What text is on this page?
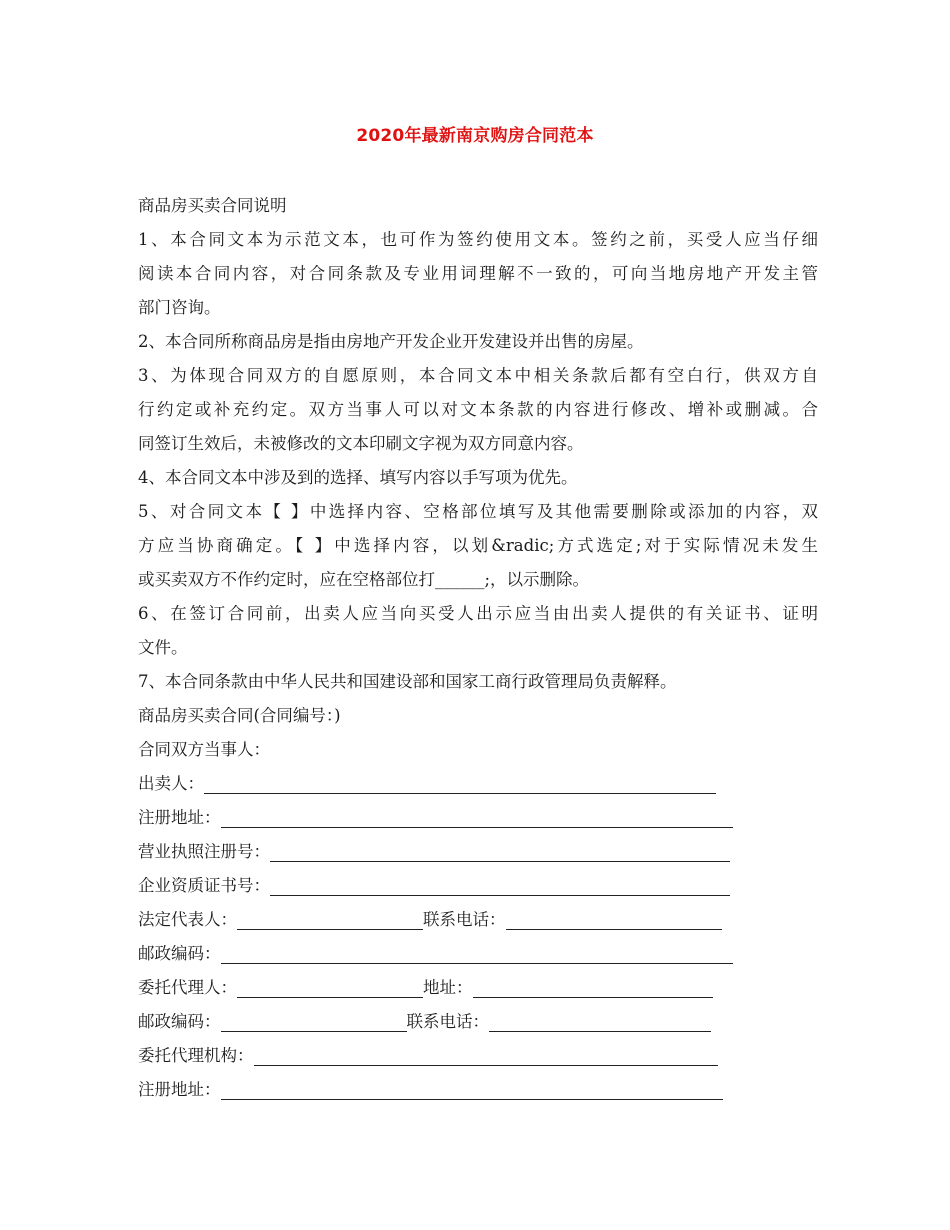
2020年最新南京购房合同范本
商品房买卖合同说明
1、本合同文本为示范文本，也可作为签约使用文本。签约之前，买受人应当仔细
阅读本合同内容，对合同条款及专业用词理解不一致的，可向当地房地产开发主管
部门咨询。
2、本合同所称商品房是指由房地产开发企业开发建设并出售的房屋。
3、为体现合同双方的自愿原则，本合同文本中相关条款后都有空白行，供双方自
行约定或补充约定。双方当事人可以对文本条款的内容进行修改、增补或删减。合
同签订生效后，未被修改的文本印刷文字视为双方同意内容。
4、本合同文本中涉及到的选择、填写内容以手写项为优先。
5、对合同文本【 】中选择内容、空格部位填写及其他需要删除或添加的内容，双
方应当协商确定。【 】中选择内容，以划&radic;方式选定;对于实际情况未发生
或买卖双方不作约定时，应在空格部位打______;，以示删除。
6、在签订合同前，出卖人应当向买受人出示应当由出卖人提供的有关证书、证明
文件。
7、本合同条款由中华人民共和国建设部和国家工商行政管理局负责解释。
商品房买卖合同(合同编号：)
合同双方当事人：
出卖人：
注册地址：
营业执照注册号：
企业资质证书号：
法定代表人：	联系电话：
邮政编码：
委托代理人：	地址：
邮政编码：	联系电话：
委托代理机构：
注册地址：
